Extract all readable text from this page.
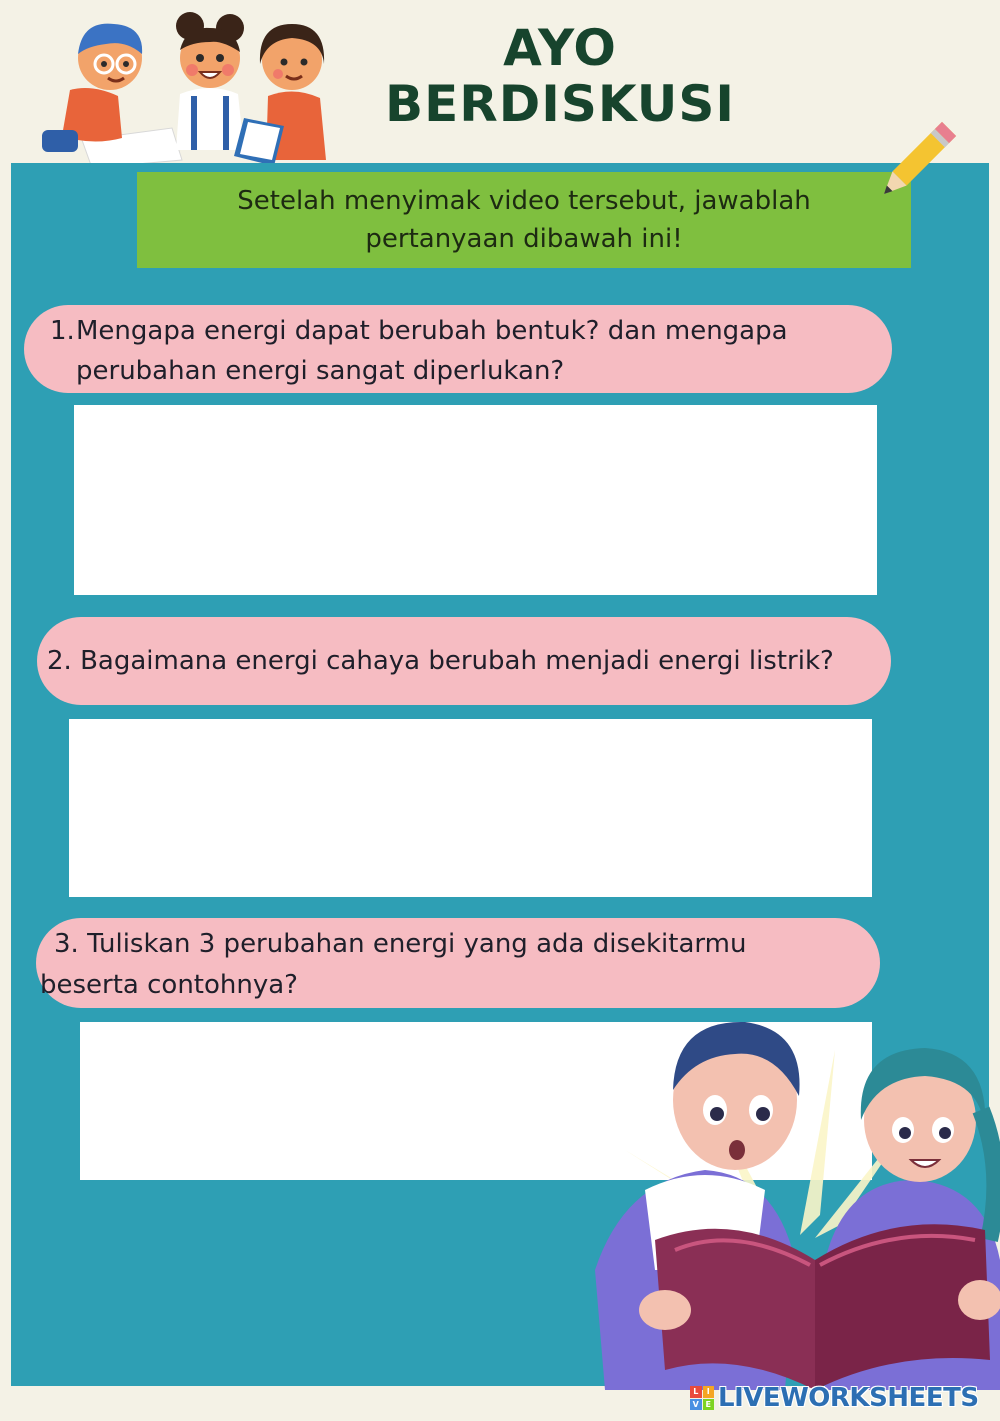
AYO
BERDISKUSI
Setelah menyimak video tersebut, jawablah pertanyaan dibawah ini!
1. Mengapa energi dapat berubah bentuk? dan mengapa perubahan energi sangat diperlukan?
2. Bagaimana energi cahaya berubah menjadi energi listrik?
3. Tuliskan 3 perubahan energi yang ada disekitarmu
beserta contohnya?
L	I
V E LIVEWORKSHEETS
